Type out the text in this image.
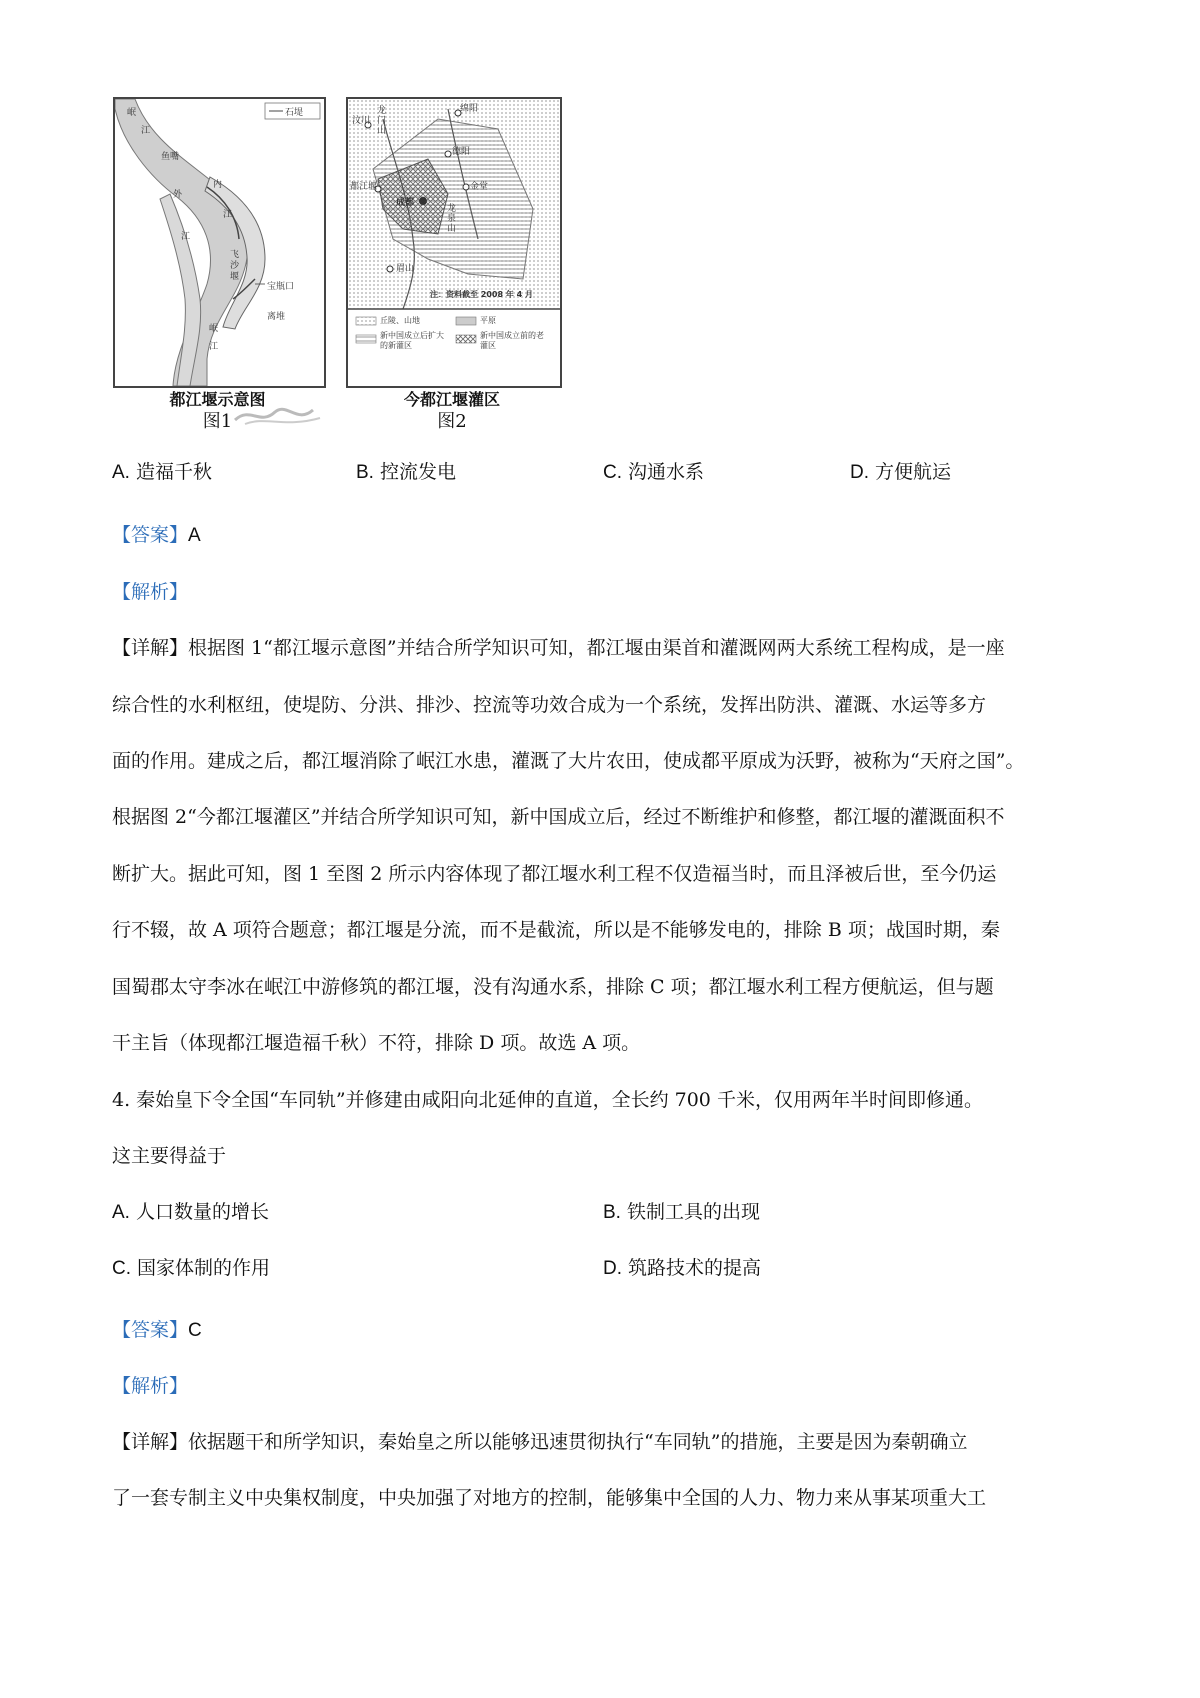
石堤
岷
江
鱼嘴
外
江
内
江
飞沙堰
宝瓶口
离堆
岷
江
都江堰示意图
图1
绵阳
汶川 龙门山
德阳
都江堰
成都
金堂
龙泉山
眉山
注：资料截至 2008 年 4 月
丘陵、山地	平原
新中国成立后扩大的新灌区
新中国成立前的老灌区
今都江堰灌区
图2
A. 造福千秋	B. 控流发电	C. 沟通水系	D. 方便航运
【答案】A
【解析】
【详解】根据图 1“都江堰示意图”并结合所学知识可知，都江堰由渠首和灌溉网两大系统工程构成，是一座
综合性的水利枢纽，使堤防、分洪、排沙、控流等功效合成为一个系统，发挥出防洪、灌溉、水运等多方
面的作用。建成之后，都江堰消除了岷江水患，灌溉了大片农田，使成都平原成为沃野，被称为“天府之国”。
根据图 2“今都江堰灌区”并结合所学知识可知，新中国成立后，经过不断维护和修整，都江堰的灌溉面积不
断扩大。据此可知，图 1 至图 2 所示内容体现了都江堰水利工程不仅造福当时，而且泽被后世，至今仍运
行不辍，故 A 项符合题意；都江堰是分流，而不是截流，所以是不能够发电的，排除 B 项；战国时期，秦
国蜀郡太守李冰在岷江中游修筑的都江堰，没有沟通水系，排除 C 项；都江堰水利工程方便航运，但与题
干主旨（体现都江堰造福千秋）不符，排除 D 项。故选 A 项。
4. 秦始皇下令全国“车同轨”并修建由咸阳向北延伸的直道，全长约 700 千米，仅用两年半时间即修通。
这主要得益于
A. 人口数量的增长	B. 铁制工具的出现
C. 国家体制的作用	D. 筑路技术的提高
【答案】C
【解析】
【详解】依据题干和所学知识，秦始皇之所以能够迅速贯彻执行“车同轨”的措施，主要是因为秦朝确立
了一套专制主义中央集权制度，中央加强了对地方的控制，能够集中全国的人力、物力来从事某项重大工
